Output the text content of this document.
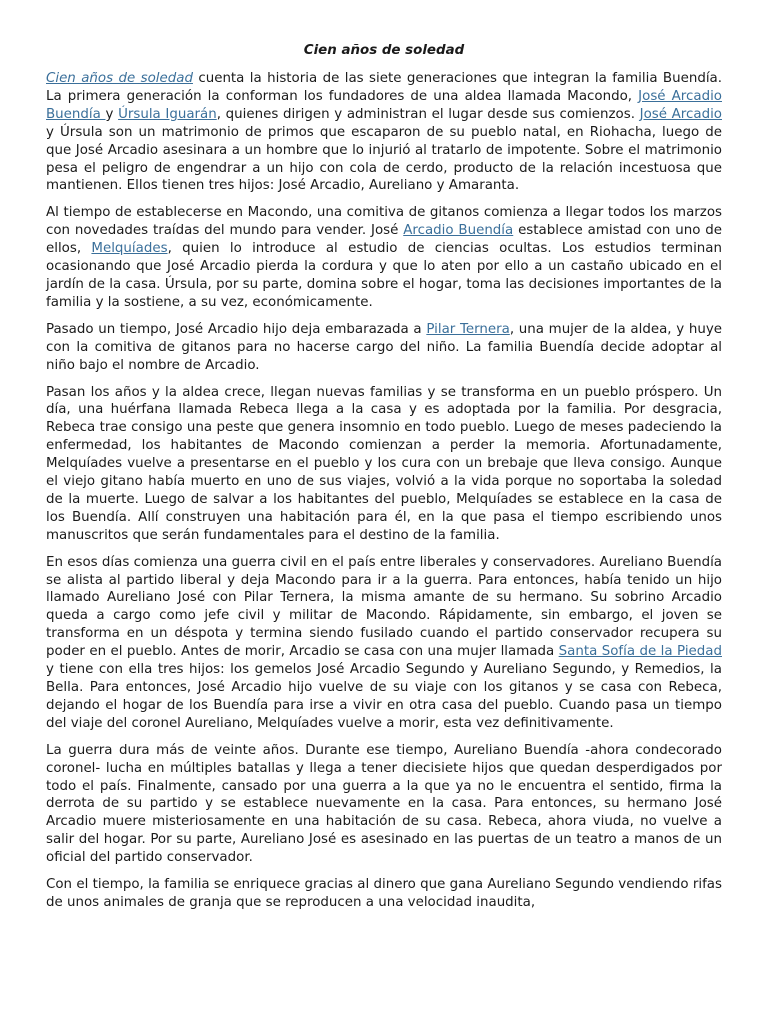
Cien años de soledad

Cien años de soledad cuenta la historia de las siete generaciones que integran la familia Buendía. La primera generación la conforman los fundadores de una aldea llamada Macondo, José Arcadio Buendía y Úrsula Iguarán, quienes dirigen y administran el lugar desde sus comienzos. José Arcadio y Úrsula son un matrimonio de primos que escaparon de su pueblo natal, en Riohacha, luego de que José Arcadio asesinara a un hombre que lo injurió al tratarlo de impotente. Sobre el matrimonio pesa el peligro de engendrar a un hijo con cola de cerdo, producto de la relación incestuosa que mantienen. Ellos tienen tres hijos: José Arcadio, Aureliano y Amaranta.

Al tiempo de establecerse en Macondo, una comitiva de gitanos comienza a llegar todos los marzos con novedades traídas del mundo para vender. José Arcadio Buendía establece amistad con uno de ellos, Melquíades, quien lo introduce al estudio de ciencias ocultas. Los estudios terminan ocasionando que José Arcadio pierda la cordura y que lo aten por ello a un castaño ubicado en el jardín de la casa. Úrsula, por su parte, domina sobre el hogar, toma las decisiones importantes de la familia y la sostiene, a su vez, económicamente.

Pasado un tiempo, José Arcadio hijo deja embarazada a Pilar Ternera, una mujer de la aldea, y huye con la comitiva de gitanos para no hacerse cargo del niño. La familia Buendía decide adoptar al niño bajo el nombre de Arcadio.

Pasan los años y la aldea crece, llegan nuevas familias y se transforma en un pueblo próspero. Un día, una huérfana llamada Rebeca llega a la casa y es adoptada por la familia. Por desgracia, Rebeca trae consigo una peste que genera insomnio en todo pueblo. Luego de meses padeciendo la enfermedad, los habitantes de Macondo comienzan a perder la memoria. Afortunadamente, Melquíades vuelve a presentarse en el pueblo y los cura con un brebaje que lleva consigo. Aunque el viejo gitano había muerto en uno de sus viajes, volvió a la vida porque no soportaba la soledad de la muerte. Luego de salvar a los habitantes del pueblo, Melquíades se establece en la casa de los Buendía. Allí construyen una habitación para él, en la que pasa el tiempo escribiendo unos manuscritos que serán fundamentales para el destino de la familia.

En esos días comienza una guerra civil en el país entre liberales y conservadores. Aureliano Buendía se alista al partido liberal y deja Macondo para ir a la guerra. Para entonces, había tenido un hijo llamado Aureliano José con Pilar Ternera, la misma amante de su hermano. Su sobrino Arcadio queda a cargo como jefe civil y militar de Macondo. Rápidamente, sin embargo, el joven se transforma en un déspota y termina siendo fusilado cuando el partido conservador recupera su poder en el pueblo. Antes de morir, Arcadio se casa con una mujer llamada Santa Sofía de la Piedad y tiene con ella tres hijos: los gemelos José Arcadio Segundo y Aureliano Segundo, y Remedios, la Bella. Para entonces, José Arcadio hijo vuelve de su viaje con los gitanos y se casa con Rebeca, dejando el hogar de los Buendía para irse a vivir en otra casa del pueblo. Cuando pasa un tiempo del viaje del coronel Aureliano, Melquíades vuelve a morir, esta vez definitivamente.

La guerra dura más de veinte años. Durante ese tiempo, Aureliano Buendía -ahora condecorado coronel- lucha en múltiples batallas y llega a tener diecisiete hijos que quedan desperdigados por todo el país. Finalmente, cansado por una guerra a la que ya no le encuentra el sentido, firma la derrota de su partido y se establece nuevamente en la casa. Para entonces, su hermano José Arcadio muere misteriosamente en una habitación de su casa. Rebeca, ahora viuda, no vuelve a salir del hogar. Por su parte, Aureliano José es asesinado en las puertas de un teatro a manos de un oficial del partido conservador.

Con el tiempo, la familia se enriquece gracias al dinero que gana Aureliano Segundo vendiendo rifas de unos animales de granja que se reproducen a una velocidad inaudita,
